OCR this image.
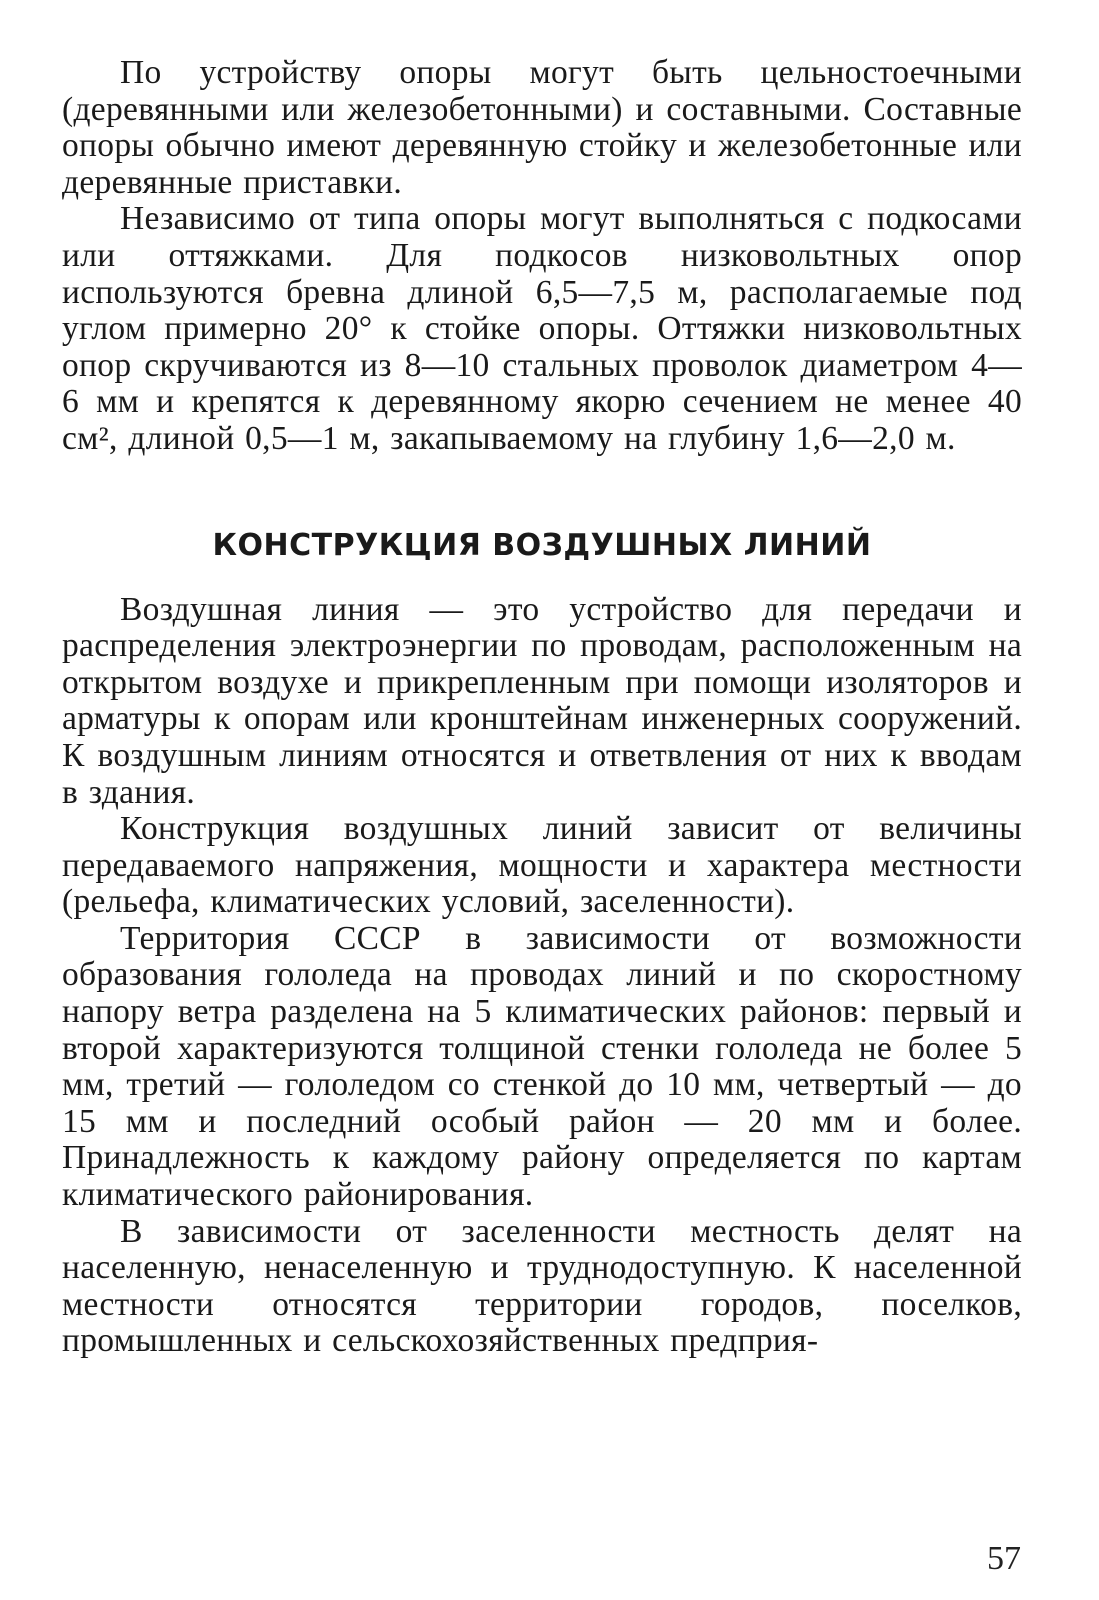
По устройству опоры могут быть цельностоечными (деревянными или железобетонными) и составными. Составные опоры обычно имеют деревянную стойку и железобетонные или деревянные приставки.

Независимо от типа опоры могут выполняться с подкосами или оттяжками. Для подкосов низковольтных опор используются бревна длиной 6,5—7,5 м, располагаемые под углом примерно 20° к стойке опоры. Оттяжки низковольтных опор скручиваются из 8—10 стальных проволок диаметром 4—6 мм и крепятся к деревянному якорю сечением не менее 40 см², длиной 0,5—1 м, закапываемому на глубину 1,6—2,0 м.

КОНСТРУКЦИЯ ВОЗДУШНЫХ ЛИНИЙ

Воздушная линия — это устройство для передачи и распределения электроэнергии по проводам, расположенным на открытом воздухе и прикрепленным при помощи изоляторов и арматуры к опорам или кронштейнам инженерных сооружений. К воздушным линиям относятся и ответвления от них к вводам в здания.

Конструкция воздушных линий зависит от величины передаваемого напряжения, мощности и характера местности (рельефа, климатических условий, заселенности).

Территория СССР в зависимости от возможности образования гололеда на проводах линий и по скоростному напору ветра разделена на 5 климатических районов: первый и второй характеризуются толщиной стенки гололеда не более 5 мм, третий — гололедом со стенкой до 10 мм, четвертый — до 15 мм и последний особый район — 20 мм и более. Принадлежность к каждому району определяется по картам климатического районирования.

В зависимости от заселенности местность делят на населенную, ненаселенную и труднодоступную. К населенной местности относятся территории городов, поселков, промышленных и сельскохозяйственных предприя-

57
